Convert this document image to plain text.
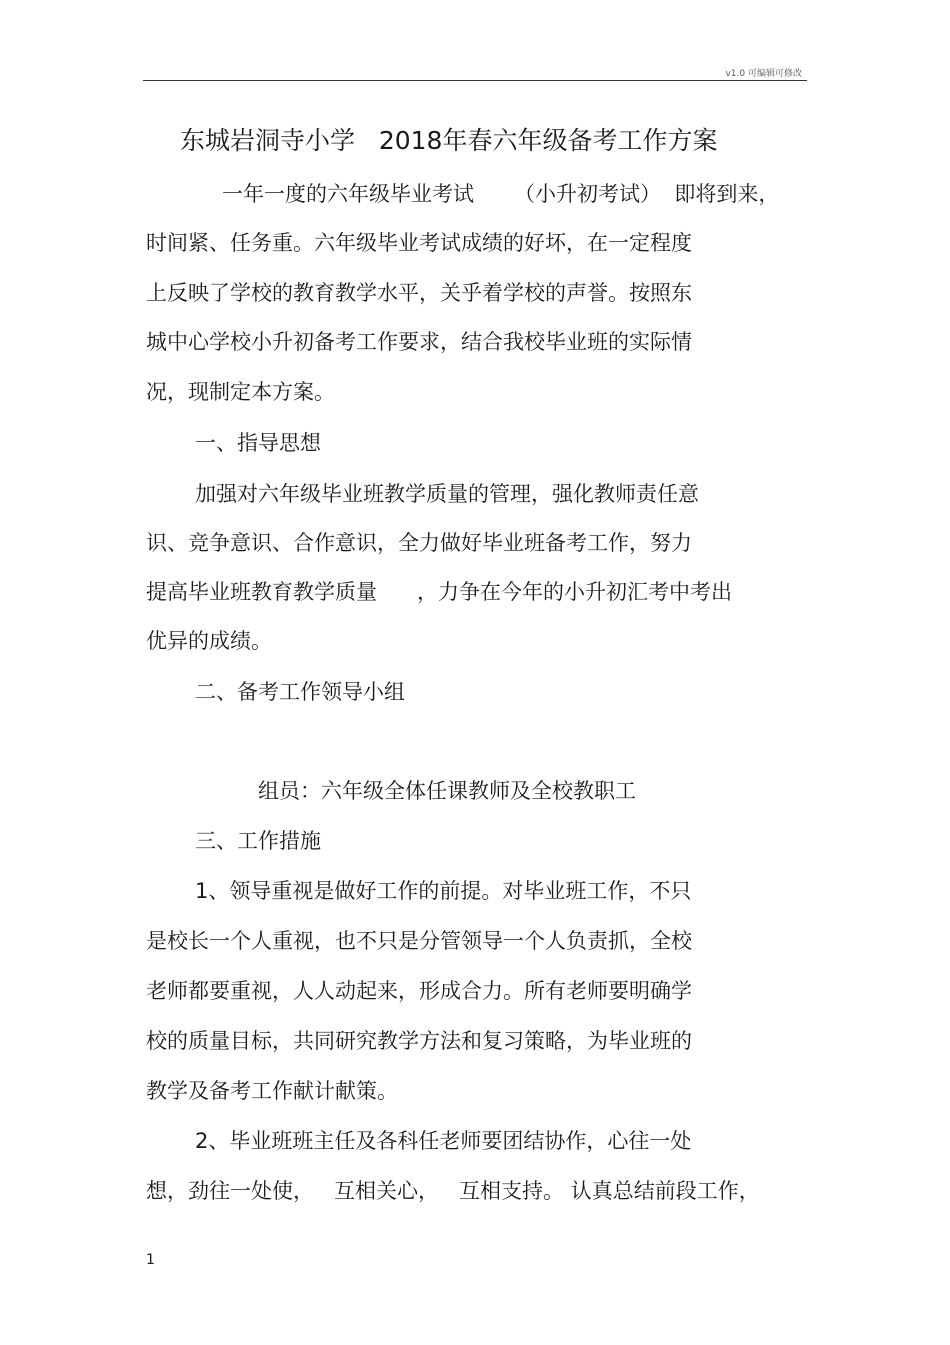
v1.0 可编辑可修改
东城岩洞寺小学   2018年春六年级备考工作方案
一年一度的六年级毕业考试      （小升初考试）  即将到来，
时间紧、任务重。六年级毕业考试成绩的好坏，在一定程度
上反映了学校的教育教学水平，关乎着学校的声誉。按照东
城中心学校小升初备考工作要求，结合我校毕业班的实际情
况，现制定本方案。
一、指导思想
加强对六年级毕业班教学质量的管理，强化教师责任意
识、竞争意识、合作意识，全力做好毕业班备考工作，努力
提高毕业班教育教学质量      ，力争在今年的小升初汇考中考出
优异的成绩。
二、备考工作领导小组
组员：六年级全体任课教师及全校教职工
三、工作措施
1、领导重视是做好工作的前提。对毕业班工作，不只
是校长一个人重视，也不只是分管领导一个人负责抓，全校
老师都要重视，人人动起来，形成合力。所有老师要明确学
校的质量目标，共同研究教学方法和复习策略，为毕业班的
教学及备考工作献计献策。
2、毕业班班主任及各科任老师要团结协作，心往一处
想，劲往一处使，   互相关心，   互相支持。 认真总结前段工作，
1
